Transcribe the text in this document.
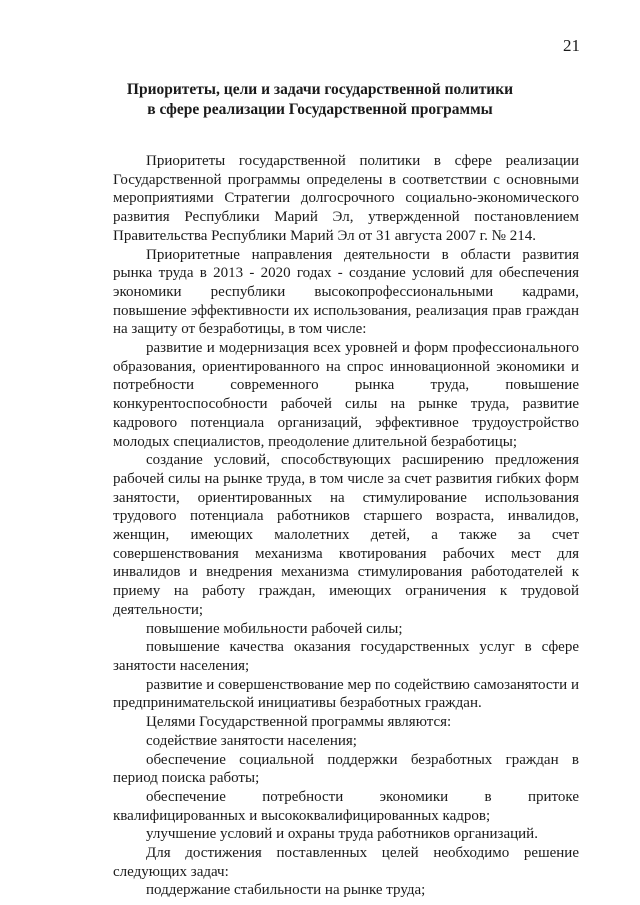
21
Приоритеты, цели и задачи государственной политики
в сфере реализации Государственной программы

Приоритеты государственной политики в сфере реализации Государственной программы определены в соответствии с основными мероприятиями Стратегии долгосрочного социально-экономического развития Республики Марий Эл, утвержденной постановлением Правительства Республики Марий Эл от 31 августа 2007 г. № 214.

Приоритетные направления деятельности в области развития рынка труда в 2013 - 2020 годах - создание условий для обеспечения экономики республики высокопрофессиональными кадрами, повышение эффективности их использования, реализация прав граждан на защиту от безработицы, в том числе:

развитие и модернизация всех уровней и форм профессионального образования, ориентированного на спрос инновационной экономики и потребности современного рынка труда, повышение конкурентоспособности рабочей силы на рынке труда, развитие кадрового потенциала организаций, эффективное трудоустройство молодых специалистов, преодоление длительной безработицы;

создание условий, способствующих расширению предложения рабочей силы на рынке труда, в том числе за счет развития гибких форм занятости, ориентированных на стимулирование использования трудового потенциала работников старшего возраста, инвалидов, женщин, имеющих малолетних детей, а также за счет совершенствования механизма квотирования рабочих мест для инвалидов и внедрения механизма стимулирования работодателей к приему на работу граждан, имеющих ограничения к трудовой деятельности;

повышение мобильности рабочей силы;

повышение качества оказания государственных услуг в сфере занятости населения;

развитие и совершенствование мер по содействию самозанятости и предпринимательской инициативы безработных граждан.

Целями Государственной программы являются:

содействие занятости населения;

обеспечение социальной поддержки безработных граждан в период поиска работы;

обеспечение потребности экономики в притоке квалифицированных и высококвалифицированных кадров;

улучшение условий и охраны труда работников организаций.

Для достижения поставленных целей необходимо решение следующих задач:

поддержание стабильности на рынке труда;
